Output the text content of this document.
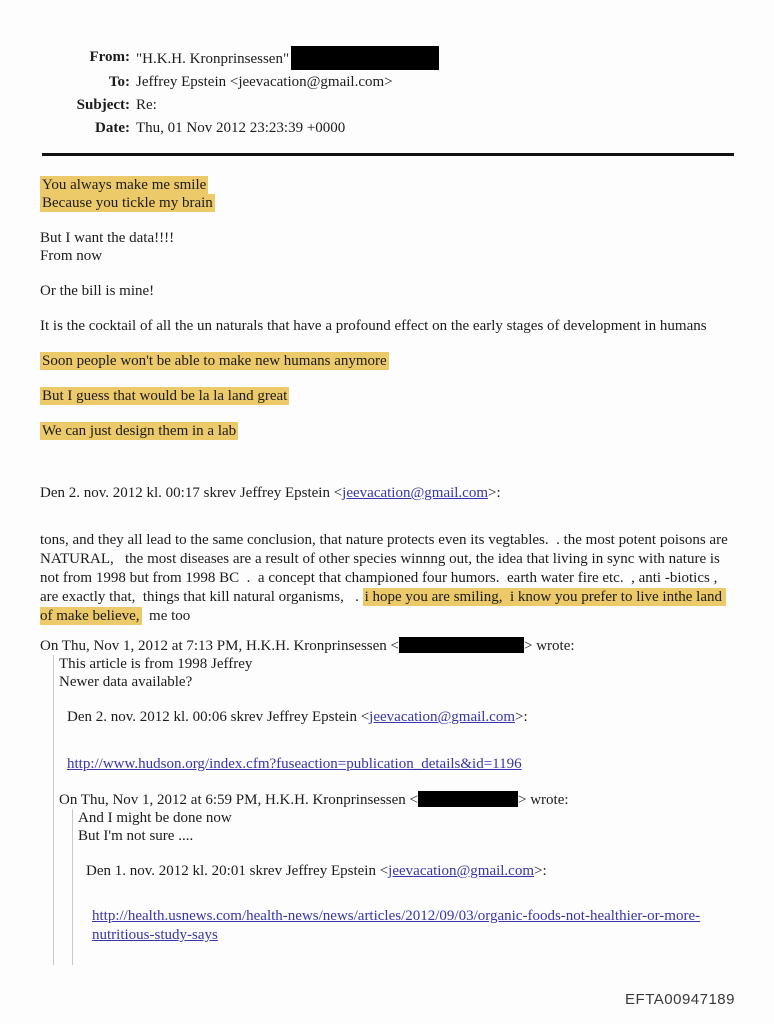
From: "H.K.H. Kronprinsessen"
To: Jeffrey Epstein <jeevacation@gmail.com>
Subject: Re:
Date: Thu, 01 Nov 2012 23:23:39 +0000

You always make me smile
Because you tickle my brain

But I want the data!!!!
From now

Or the bill is mine!

It is the cocktail of all the un naturals that have a profound effect on the early stages of development in humans

Soon people won't be able to make new humans anymore

But I guess that would be la la land great

We can just design them in a lab

Den 2. nov. 2012 kl. 00:17 skrev Jeffrey Epstein <jeevacation@gmail.com>:

tons, and they all lead to the same conclusion, that nature protects even its vegtables.  . the most potent poisons are NATURAL,   the most diseases are a result of other species winnng out, the idea that living in sync with nature is not from 1998 but from 1998 BC  .  a concept that championed four humors.  earth water fire etc.  , anti -biotics , are exactly that,  things that kill natural organisms,   . i hope you are smiling,  i know you prefer to live inthe land of make believe,  me too

On Thu, Nov 1, 2012 at 7:13 PM, H.K.H. Kronprinsessen <	> wrote:

This article is from 1998 Jeffrey
Newer data available?

Den 2. nov. 2012 kl. 00:06 skrev Jeffrey Epstein <jeevacation@gmail.com>:

http://www.hudson.org/index.cfm?fuseaction=publication_details&id=1196

On Thu, Nov 1, 2012 at 6:59 PM, H.K.H. Kronprinsessen <	> wrote:

And I might be done now
But I'm not sure ....

Den 1. nov. 2012 kl. 20:01 skrev Jeffrey Epstein <jeevacation@gmail.com>:

http://health.usnews.com/health-news/news/articles/2012/09/03/organic-foods-not-healthier-or-more-nutritious-study-says

EFTA00947189
